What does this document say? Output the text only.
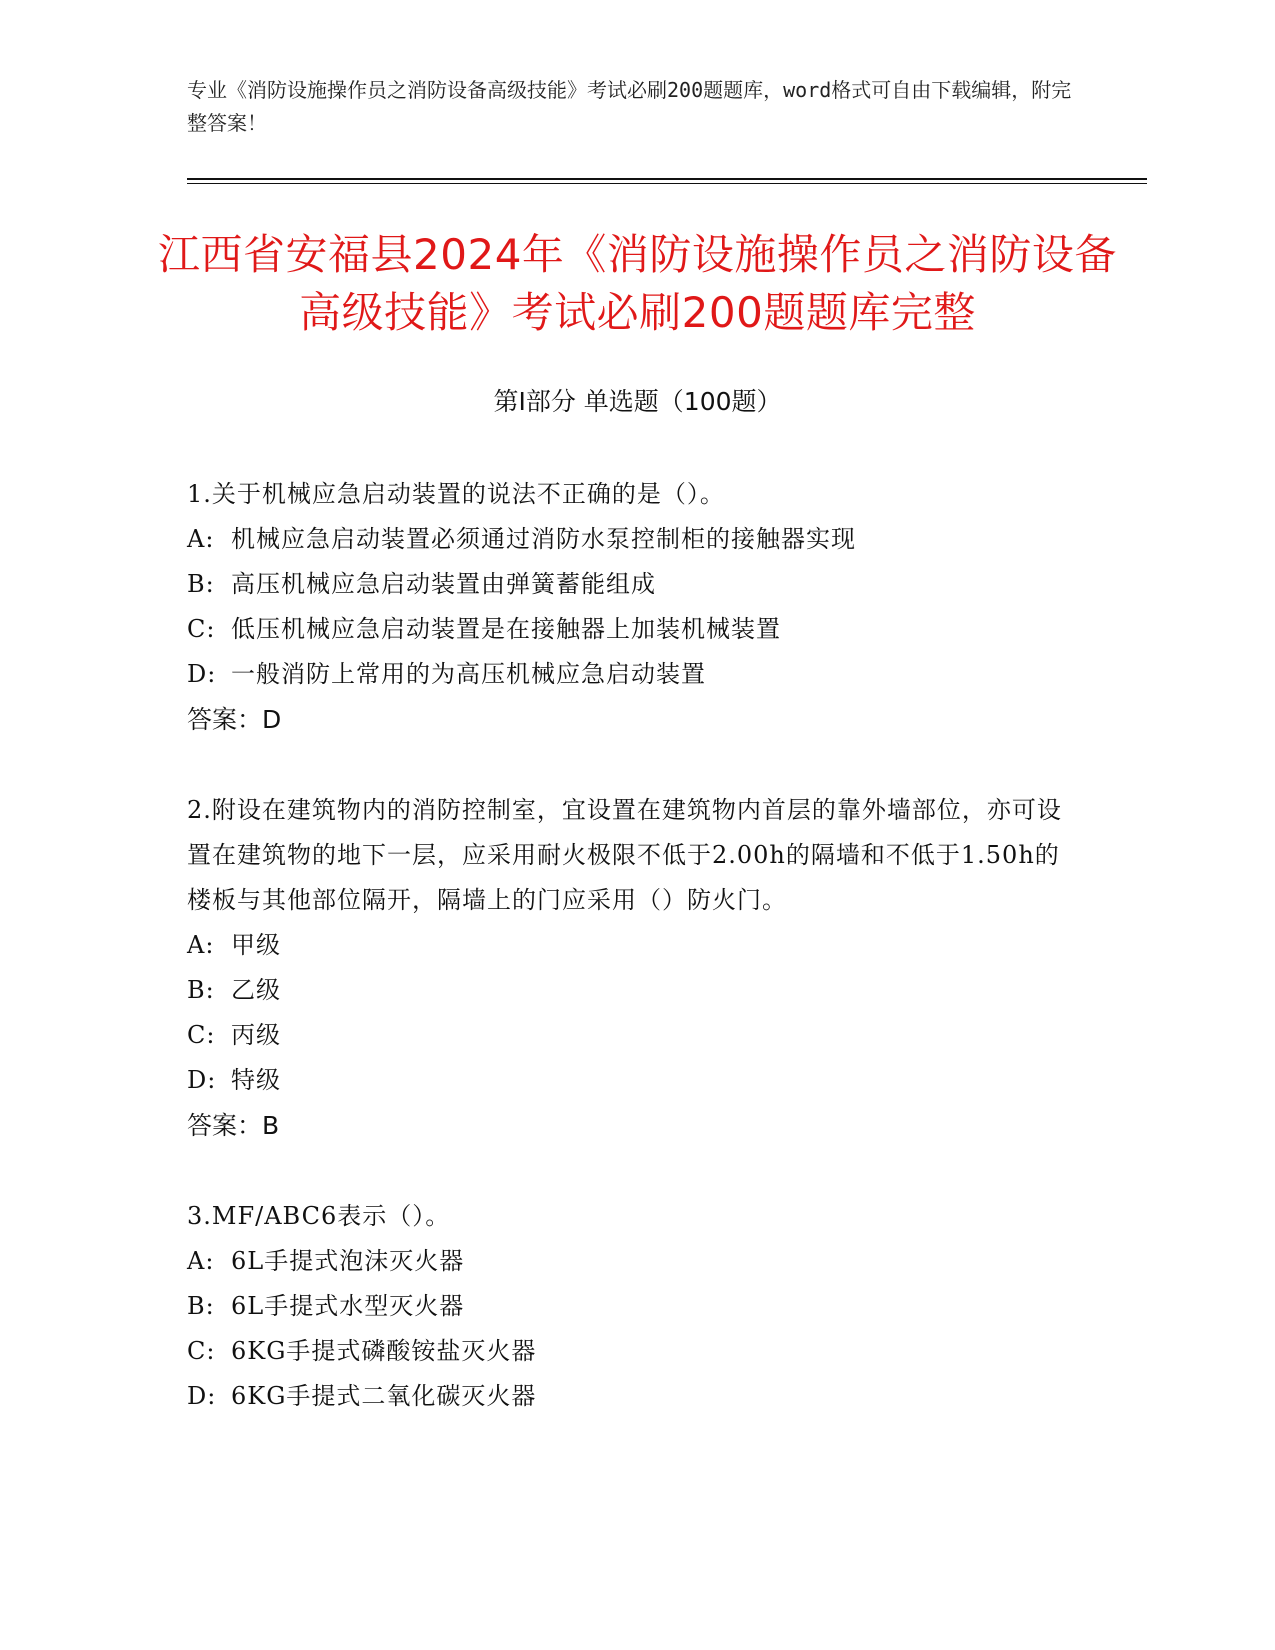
专业《消防设施操作员之消防设备高级技能》考试必刷200题题库，word格式可自由下载编辑，附完整答案！
江西省安福县2024年《消防设施操作员之消防设备高级技能》考试必刷200题题库完整
第I部分 单选题（100题）
1.关于机械应急启动装置的说法不正确的是（）。
A: 机械应急启动装置必须通过消防水泵控制柜的接触器实现
B: 高压机械应急启动装置由弹簧蓄能组成
C: 低压机械应急启动装置是在接触器上加装机械装置
D: 一般消防上常用的为高压机械应急启动装置
答案：D
2.附设在建筑物内的消防控制室，宜设置在建筑物内首层的靠外墙部位，亦可设置在建筑物的地下一层，应采用耐火极限不低于2.00h的隔墙和不低于1.50h的楼板与其他部位隔开，隔墙上的门应采用（）防火门。
A: 甲级
B: 乙级
C: 丙级
D: 特级
答案：B
3.MF/ABC6表示（）。
A: 6L手提式泡沫灭火器
B: 6L手提式水型灭火器
C: 6KG手提式磷酸铵盐灭火器
D: 6KG手提式二氧化碳灭火器
